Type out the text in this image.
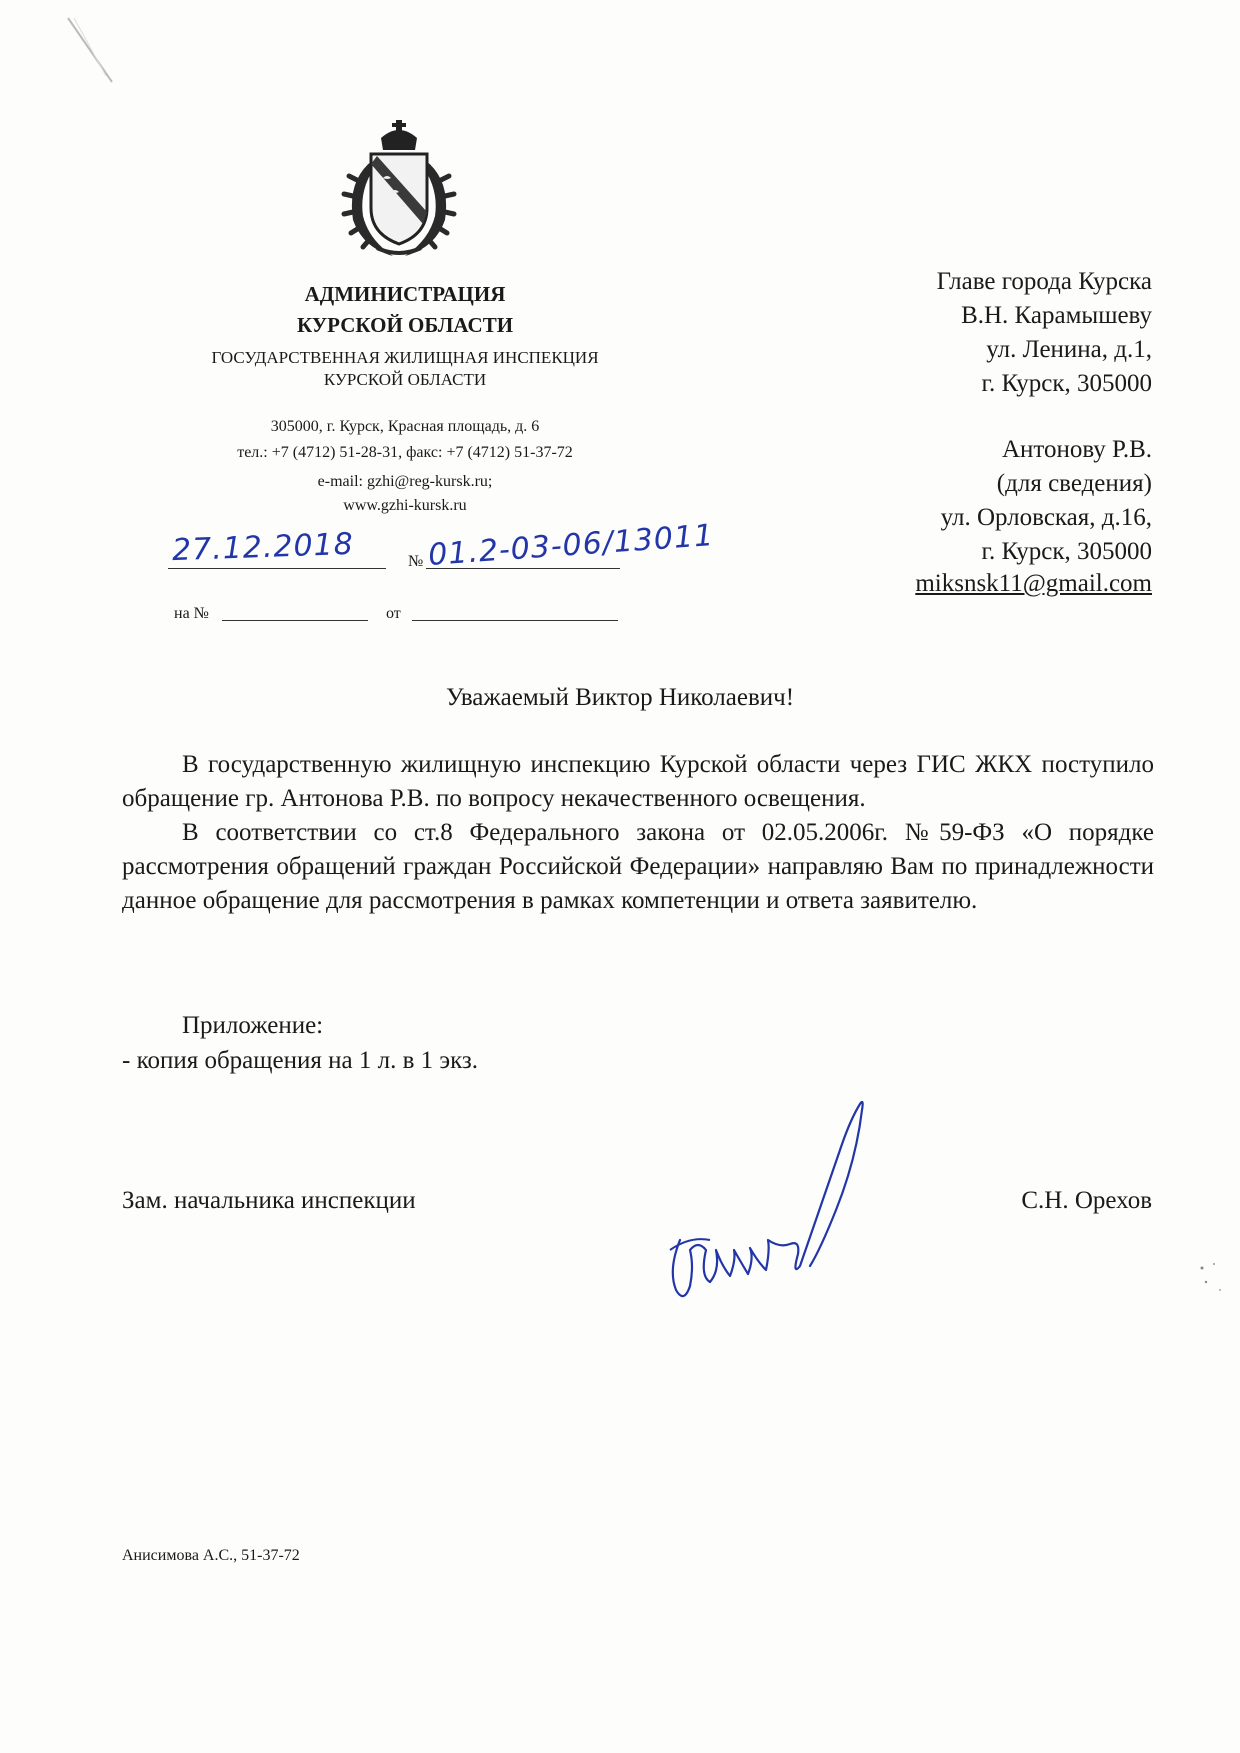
АДМИНИСТРАЦИЯ
КУРСКОЙ ОБЛАСТИ
ГОСУДАРСТВЕННАЯ ЖИЛИЩНАЯ ИНСПЕКЦИЯ
КУРСКОЙ ОБЛАСТИ
305000, г. Курск, Красная площадь, д. 6
тел.: +7 (4712) 51-28-31, факс: +7 (4712) 51-37-72
e-mail: gzhi@reg-kursk.ru;
www.gzhi-kursk.ru
27.12.2018	№ 01.2-03-06/13011
на №	от
Главе города Курска
В.Н. Карамышеву
ул. Ленина, д.1,
г. Курск, 305000
Антонову Р.В.
(для сведения)
ул. Орловская, д.16,
г. Курск, 305000
miksnsk11@gmail.com
Уважаемый Виктор Николаевич!
В государственную жилищную инспекцию Курской области через ГИС ЖКХ поступило обращение гр. Антонова Р.В. по вопросу некачественного освещения.
В соответствии со ст.8 Федерального закона от 02.05.2006г. №59-ФЗ «О порядке рассмотрения обращений граждан Российской Федерации» направляю Вам по принадлежности данное обращение для рассмотрения в рамках компетенции и ответа заявителю.
Приложение:
- копия обращения на 1 л. в 1 экз.
Зам. начальника инспекции	С.Н. Орехов
Анисимова А.С., 51-37-72
